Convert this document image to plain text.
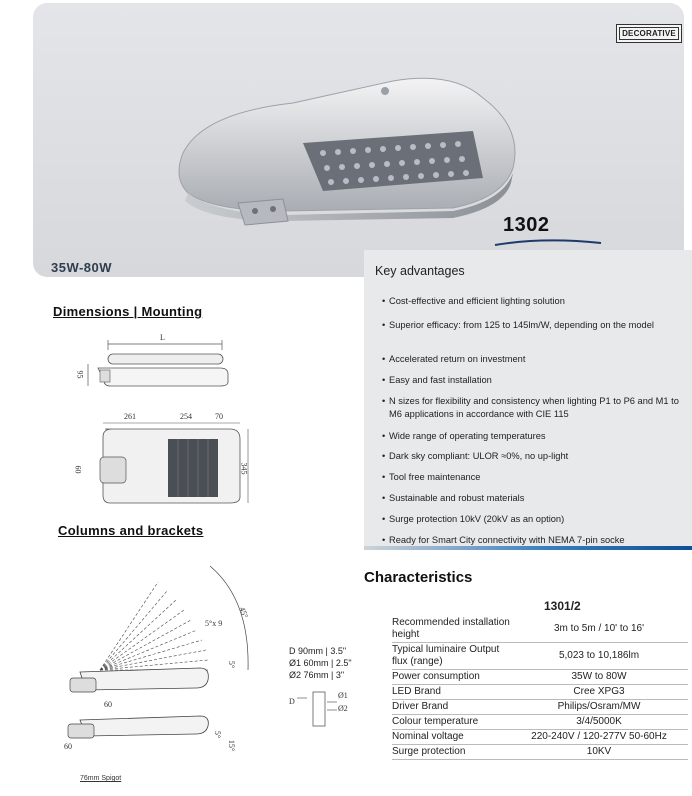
DECORATIVE
1302
35W-80W	Key advantages
• Cost-effective and efficient lighting solution
• Superior efficacy: from 125 to 145lm/W, depending on the model
• Accelerated return on investment
• Easy and fast installation
• N sizes for flexibility and consistency when lighting P1 to P6 and M1 to M6 applications in accordance with CIE 115
• Wide range of operating temperatures
• Dark sky compliant: ULOR ≈0%, no up-light
• Tool free maintenance
• Sustainable and robust materials
• Surge protection 10kV (20kV as an option)
• Ready for Smart City connectivity with NEMA 7-pin socke
Dimensions | Mounting
L
95
261	254	70
345
60
Columns and brackets
5°x 9
45°
5°
5°
15°
60
60
76mm Spigot
D 90mm | 3.5"
Ø1 60mm | 2.5"
Ø2 76mm | 3"
D
Ø1
Ø2
Characteristics
1301/2
Recommended installation height	3m to 5m / 10' to 16'
Typical luminaire Output flux (range)	5,023 to 10,186lm
Power consumption	35W to 80W
LED Brand	Cree XPG3
Driver Brand	Philips/Osram/MW
Colour temperature	3/4/5000K
Nominal voltage	220-240V / 120-277V 50-60Hz
Surge protection	10KV
